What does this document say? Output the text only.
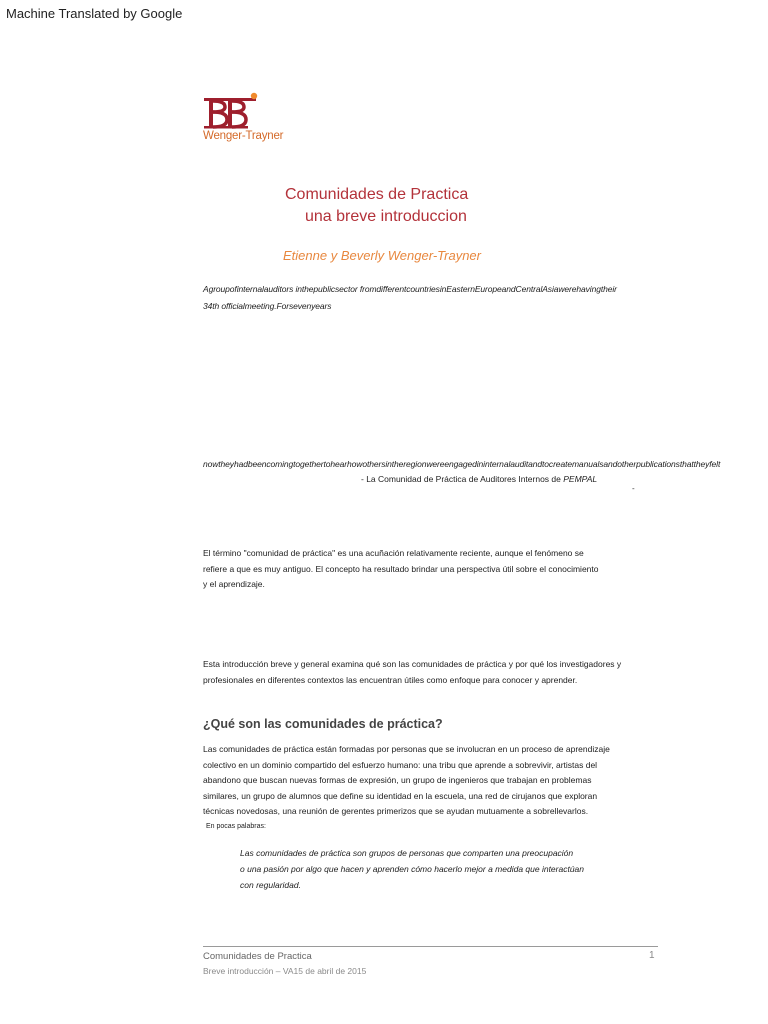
Machine Translated by Google
Wenger-Trayner
Comunidades de Practica
una breve introduccion
Etienne y Beverly Wenger-Trayner
Agroupofinternalauditors inthepublicsector fromdifferentcountriesinEasternEuropeandCentralAsiawerehavingtheir
34th officialmeeting.Forsevenyears
nowtheyhadbeencomingtogethertohearhowothersintheregionwereengagedininternalauditandtocreatemanualsandotherpublicationsthattheyfelt
- La Comunidad de Práctica de Auditores Internos de PEMPAL
-
El término "comunidad de práctica" es una acuñación relativamente reciente, aunque el fenómeno se
refiere a que es muy antiguo. El concepto ha resultado brindar una perspectiva útil sobre el conocimiento
y el aprendizaje.
Esta introducción breve y general examina qué son las comunidades de práctica y por qué los investigadores y
profesionales en diferentes contextos las encuentran útiles como enfoque para conocer y aprender.
¿Qué son las comunidades de práctica?
Las comunidades de práctica están formadas por personas que se involucran en un proceso de aprendizaje
colectivo en un dominio compartido del esfuerzo humano: una tribu que aprende a sobrevivir, artistas del
abandono que buscan nuevas formas de expresión, un grupo de ingenieros que trabajan en problemas
similares, un grupo de alumnos que define su identidad en la escuela, una red de cirujanos que exploran
técnicas novedosas, una reunión de gerentes primerizos que se ayudan mutuamente a sobrellevarlos.
En pocas palabras:
Las comunidades de práctica son grupos de personas que comparten una preocupación
o una pasión por algo que hacen y aprenden cómo hacerlo mejor a medida que interactúan
con regularidad.
Comunidades de Practica
Breve introducción – VA15 de abril de 2015
1
